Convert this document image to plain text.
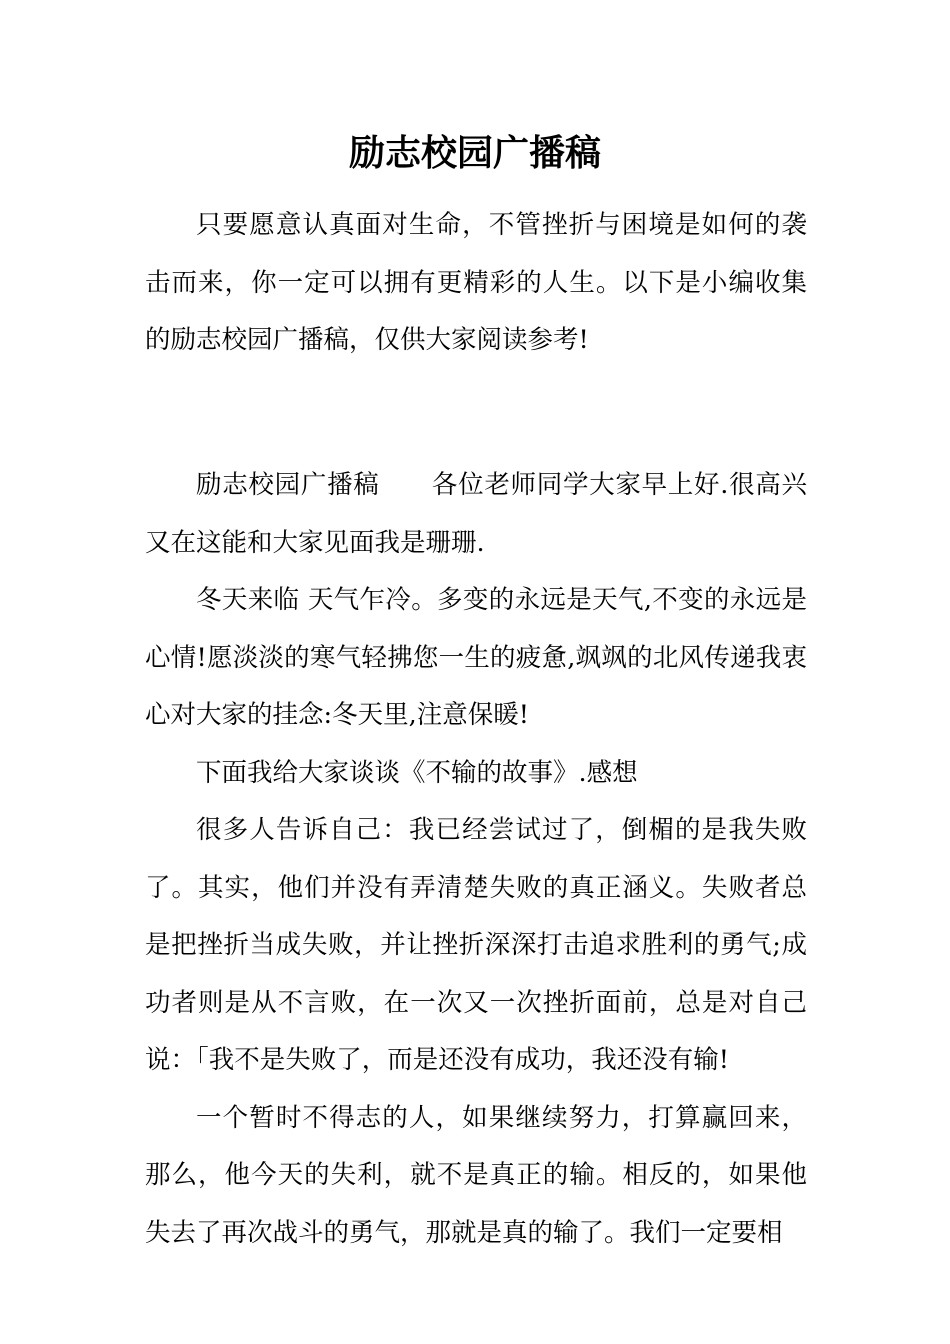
励志校园广播稿

只要愿意认真面对生命，不管挫折与困境是如何的袭击而来，你一定可以拥有更精彩的人生。以下是小编收集的励志校园广播稿，仅供大家阅读参考!

励志校园广播稿　　各位老师同学大家早上好.很高兴又在这能和大家见面我是珊珊.

冬天来临 天气乍冷。多变的永远是天气,不变的永远是心情!愿淡淡的寒气轻拂您一生的疲惫,飒飒的北风传递我衷心对大家的挂念:冬天里,注意保暖!

下面我给大家谈谈《不输的故事》.感想

很多人告诉自己：我已经尝试过了，倒楣的是我失败了。其实，他们并没有弄清楚失败的真正涵义。失败者总是把挫折当成失败，并让挫折深深打击追求胜利的勇气;成功者则是从不言败，在一次又一次挫折面前，总是对自己说：「我不是失败了，而是还没有成功，我还没有输!

一个暂时不得志的人，如果继续努力，打算赢回来，那么，他今天的失利，就不是真正的输。相反的，如果他失去了再次战斗的勇气，那就是真的输了。我们一定要相
